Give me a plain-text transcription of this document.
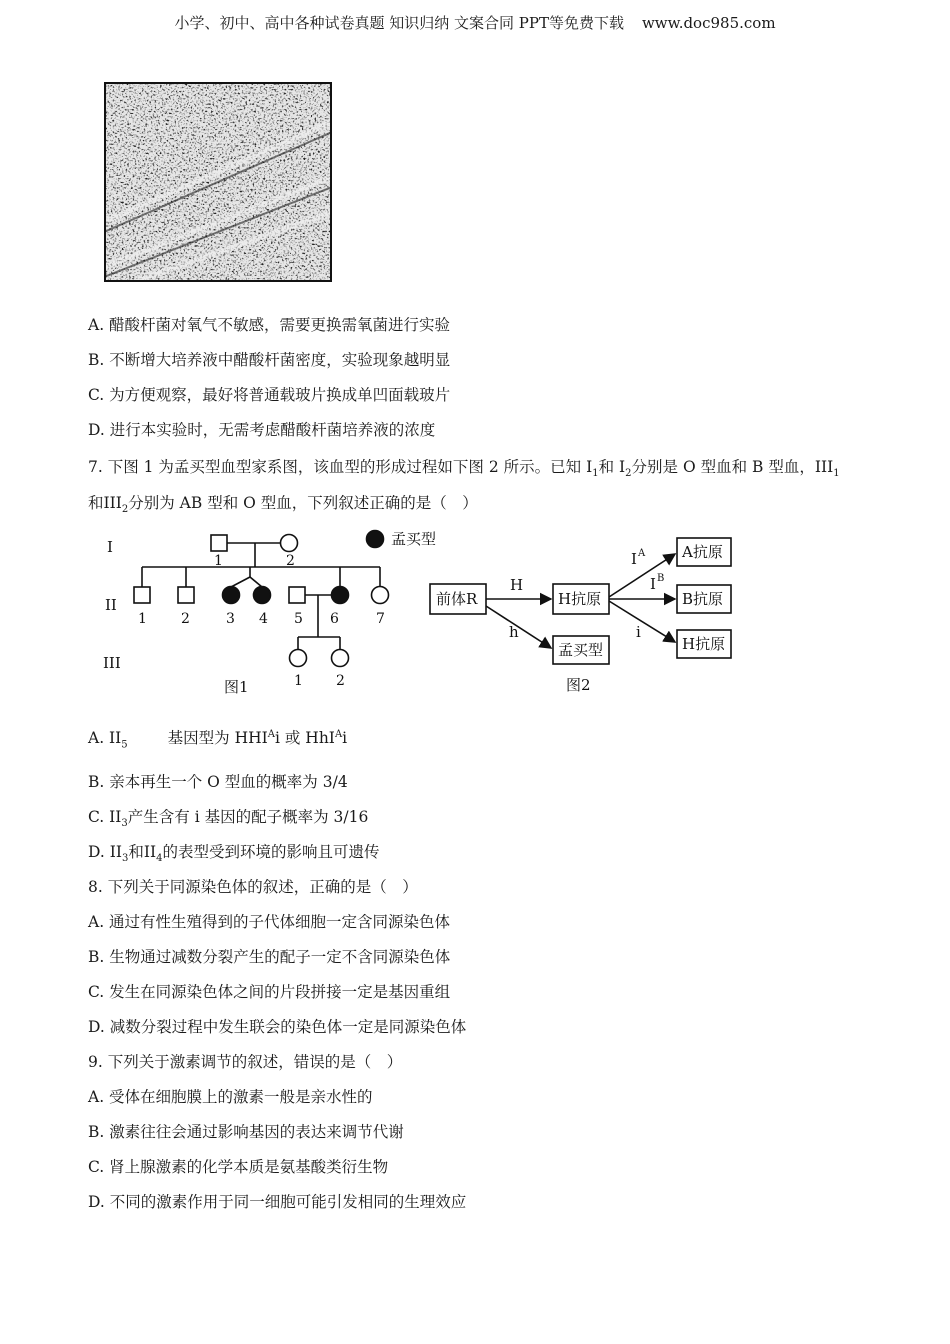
小学、初中、高中各种试卷真题 知识归纳 文案合同 PPT等免费下载 www.doc985.com
A. 醋酸杆菌对氧气不敏感，需要更换需氧菌进行实验
B. 不断增大培养液中醋酸杆菌密度，实验现象越明显
C. 为方便观察，最好将普通载玻片换成单凹面载玻片
D. 进行本实验时，无需考虑醋酸杆菌培养液的浓度
7. 下图 1 为孟买型血型家系图，该血型的形成过程如下图 2 所示。已知 $I_1$和 $I_2$分别是 O 型血和 B 型血，$III_1$
和$III_2$分别为 AB 型和 O 型血，下列叙述正确的是（　）
I
II
III
1	2
1 2	3 4 5 6	7
1 2
孟买型
图1
前体R	H抗原
孟买型
A抗原
B抗原
H抗原
H
h
I A
I B
i
图2
A. $II_5$	基因型为 $HHI^Ai$ 或 HhI$^A$i
B. 亲本再生一个 O 型血的概率为 3/4
C. $II_3$产生含有 i 基因的配子概率为 3/16
D. $II_3$和$II_4$的表型受到环境的影响且可遗传
8. 下列关于同源染色体的叙述，正确的是（　）
A. 通过有性生殖得到的子代体细胞一定含同源染色体
B. 生物通过减数分裂产生的配子一定不含同源染色体
C. 发生在同源染色体之间的片段拼接一定是基因重组
D. 减数分裂过程中发生联会的染色体一定是同源染色体
9. 下列关于激素调节的叙述，错误的是（　）
A. 受体在细胞膜上的激素一般是亲水性的
B. 激素往往会通过影响基因的表达来调节代谢
C. 肾上腺激素的化学本质是氨基酸类衍生物
D. 不同的激素作用于同一细胞可能引发相同的生理效应
